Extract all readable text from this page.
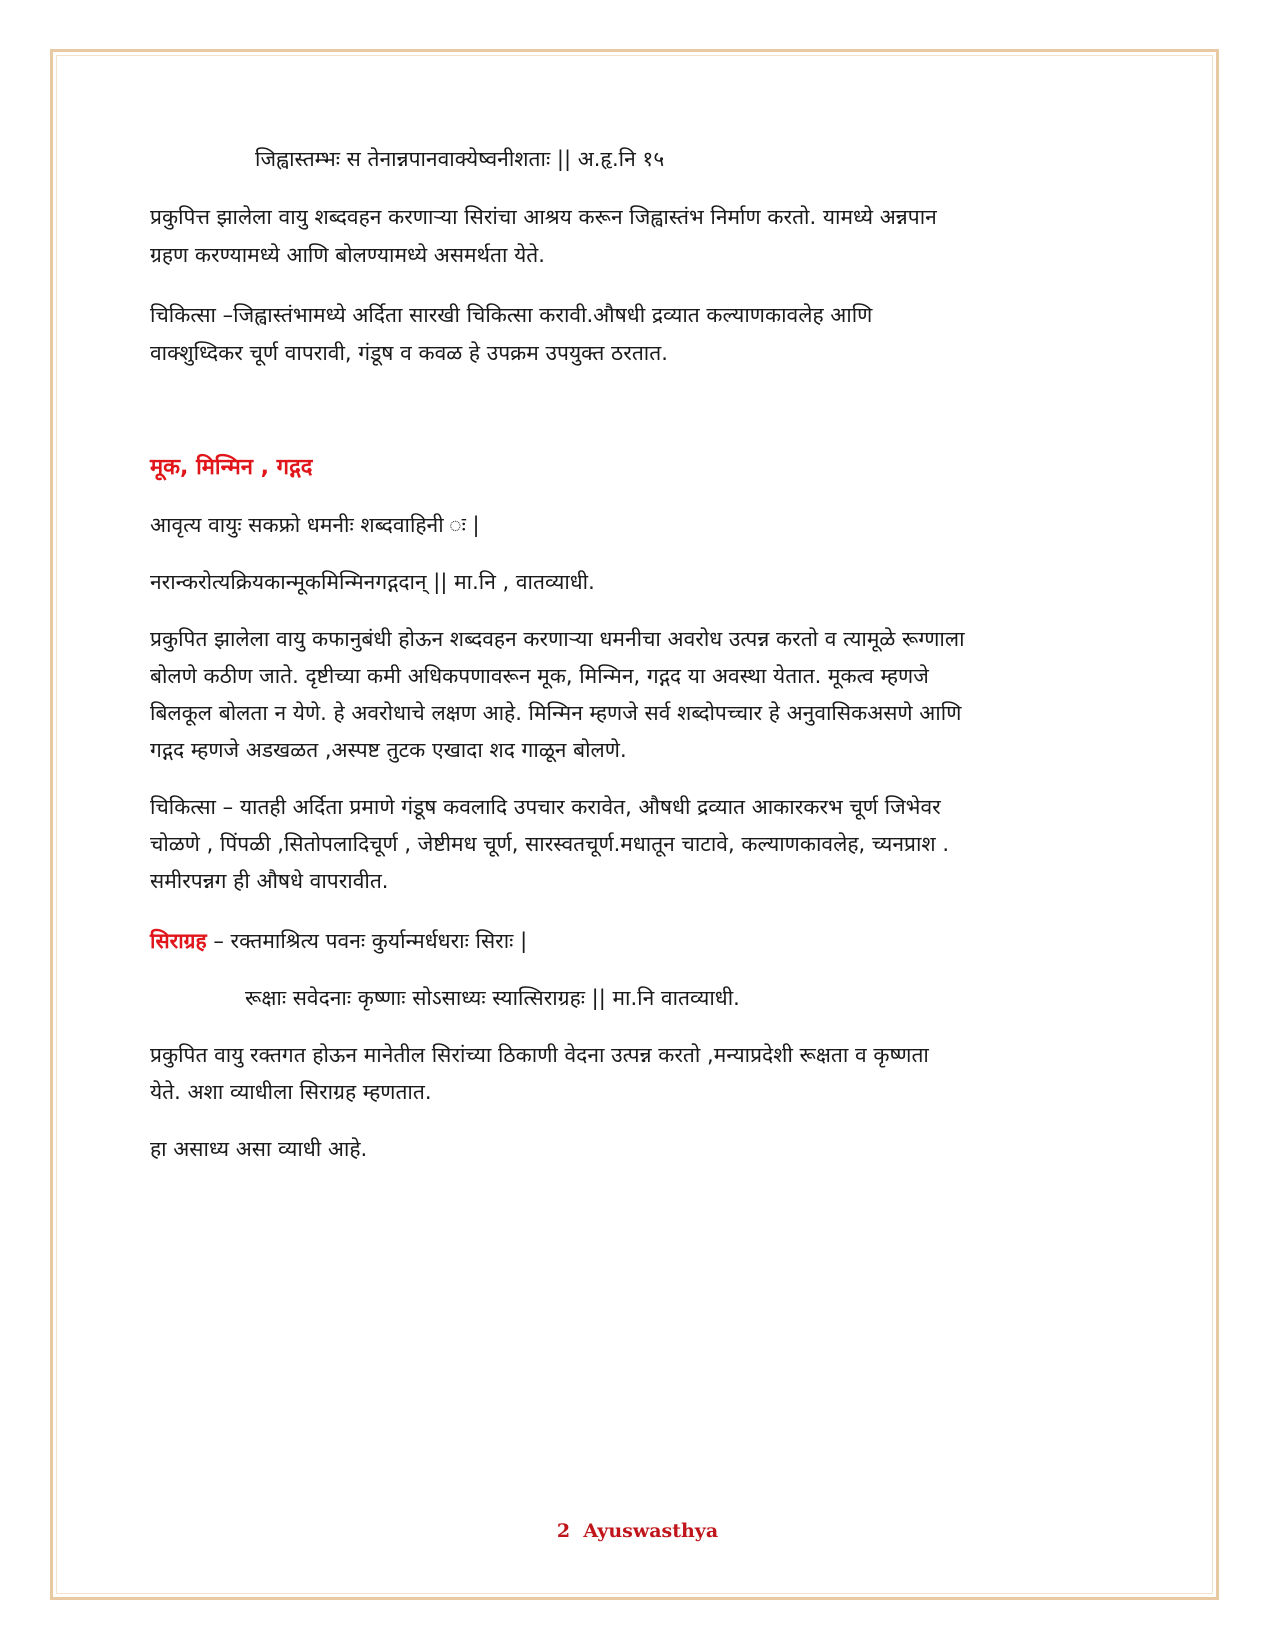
जिह्वास्तम्भः स तेनान्नपानवाक्येष्वनीशताः || अ.हृ.नि १५
प्रकुपित्त झालेला वायु शब्दवहन करणाऱ्या सिरांचा आश्रय करून जिह्वास्तंभ निर्माण करतो. यामध्ये अन्नपान
ग्रहण करण्यामध्ये आणि बोलण्यामध्ये असमर्थता येते.
चिकित्सा –जिह्वास्तंभामध्ये अर्दिता सारखी चिकित्सा करावी.औषधी द्रव्यात कल्याणकावलेह आणि
वाक्शुध्दिकर चूर्ण वापरावी, गंडूष व कवळ हे उपक्रम उपयुक्त ठरतात.
मूक, मिन्मिन , गद्गद
आवृत्य वायुः सकफ्रो धमनीः शब्दवाहिनी ः |
नरान्करोत्यक्रियकान्मूकमिन्मिनगद्गदान् || मा.नि , वातव्याधी.
प्रकुपित झालेला वायु कफानुबंधी होऊन शब्दवहन करणाऱ्या धमनीचा अवरोध उत्पन्न करतो व त्यामूळे रूग्णाला
बोलणे कठीण जाते. दृष्टीच्या कमी अधिकपणावरून मूक, मिन्मिन, गद्गद या अवस्था येतात. मूकत्व म्हणजे
बिलकूल बोलता न येणे. हे अवरोधाचे लक्षण आहे. मिन्मिन म्हणजे सर्व शब्दोपच्चार हे अनुवासिकअसणे आणि
गद्गद म्हणजे अडखळत ,अस्पष्ट तुटक एखादा शद गाळून बोलणे.
चिकित्सा – यातही अर्दिता प्रमाणे गंडूष कवलादि उपचार करावेत, औषधी द्रव्यात आकारकरभ चूर्ण जिभेवर
चोळणे , पिंपळी ,सितोपलादिचूर्ण , जेष्टीमध चूर्ण, सारस्वतचूर्ण.मधातून चाटावे, कल्याणकावलेह, च्यनप्राश .
समीरपन्नग ही औषधे वापरावीत.
सिराग्रह – रक्तमाश्रित्य पवनः कुर्यान्मर्धधराः सिराः |
रूक्षाः सवेदनाः कृष्णाः सोऽसाध्यः स्यात्सिराग्रहः || मा.नि वातव्याधी.
प्रकुपित वायु रक्तगत होऊन मानेतील सिरांच्या ठिकाणी वेदना उत्पन्न करतो ,मन्याप्रदेशी रूक्षता व कृष्णता
येते. अशा व्याधीला सिराग्रह म्हणतात.
हा असाध्य असा व्याधी आहे.
2 Ayuswasthya
